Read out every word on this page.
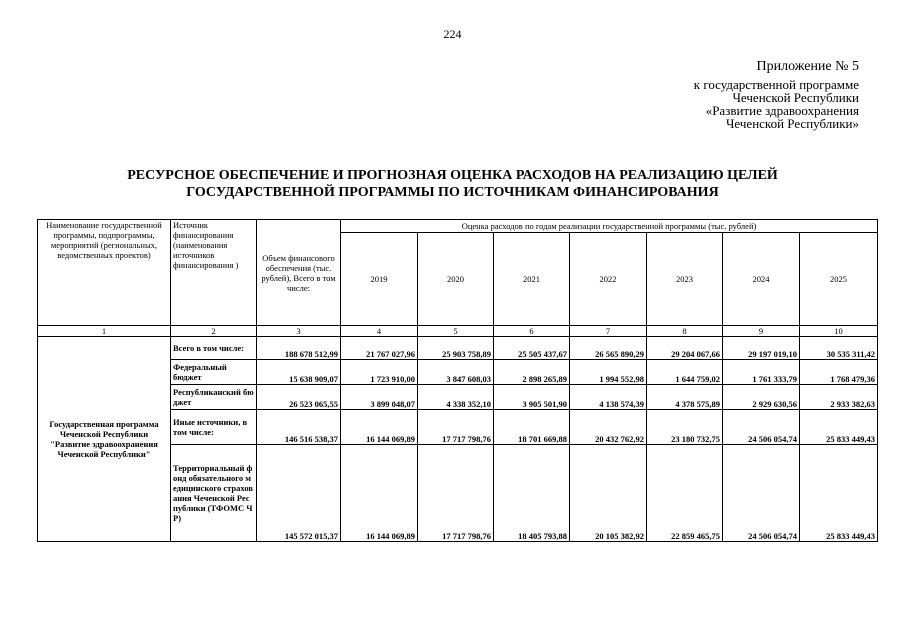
224
Приложение № 5
к государственной программе
Чеченской Республики
«Развитие здравоохранения
Чеченской Республики»
РЕСУРСНОЕ ОБЕСПЕЧЕНИЕ И ПРОГНОЗНАЯ ОЦЕНКА РАСХОДОВ НА РЕАЛИЗАЦИЮ ЦЕЛЕЙ
ГОСУДАРСТВЕННОЙ ПРОГРАММЫ ПО ИСТОЧНИКАМ ФИНАНСИРОВАНИЯ
Наименование государственной программы, подпрограммы, мероприятий (региональных, ведомственных проектов)	Источник финансирования (наименования источников финансирования )	Объем финансового обеспечения (тыс. рублей), Всего в том числе:	Оценка расходов по годам реализации государственной программы (тыс. рублей)						
			2019	2020	2021	2022	2023	2024	2025
1	2	3	4	5	6	7	8	9	10
Государственная программа Чеченской Республики "Развитие здравоохранения Чеченской Республики"	Всего в том числе:	188 678 512,99	21 767 027,96	25 903 758,89	25 505 437,67	26 565 890,29	29 204 067,66	29 197 019,10	30 535 311,42
	Федеральный бюджет	15 638 909,07	1 723 910,00	3 847 608,03	2 898 265,89	1 994 552,98	1 644 759,02	1 761 333,79	1 768 479,36
	Республиканский бюджет	26 523 065,55	3 899 048,07	4 338 352,10	3 905 501,90	4 138 574,39	4 378 575,89	2 929 630,56	2 933 382,63
	Иные источники, в том числе:	146 516 538,37	16 144 069,89	17 717 798,76	18 701 669,88	20 432 762,92	23 180 732,75	24 506 054,74	25 833 449,43
	Территориальный фонд обязательного медицинского страхования Чеченской Республики (ТФОМС ЧР)	145 572 015,37	16 144 069,89	17 717 798,76	18 405 793,88	20 105 382,92	22 859 465,75	24 506 054,74	25 833 449,43
